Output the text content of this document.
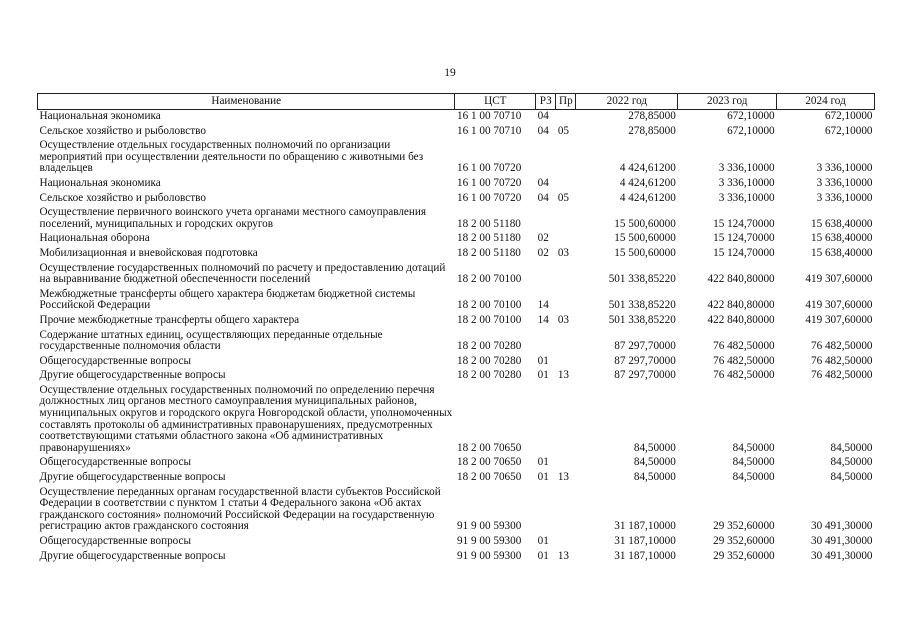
19
Наименование	ЦСТ	РЗ	Пр	2022 год	2023 год	2024 год
Национальная экономика	16 1 00 70710	04		278,85000	672,10000	672,10000
Сельское хозяйство и рыболовство	16 1 00 70710	04	05	278,85000	672,10000	672,10000
Осуществление отдельных государственных полномочий по организации мероприятий при осуществлении деятельности по обращению с животными без владельцев	16 1 00 70720			4 424,61200	3 336,10000	3 336,10000
Национальная экономика	16 1 00 70720	04		4 424,61200	3 336,10000	3 336,10000
Сельское хозяйство и рыболовство	16 1 00 70720	04	05	4 424,61200	3 336,10000	3 336,10000
Осуществление первичного воинского учета органами местного самоуправления поселений, муниципальных и городских округов	18 2 00 51180			15 500,60000	15 124,70000	15 638,40000
Национальная оборона	18 2 00 51180	02		15 500,60000	15 124,70000	15 638,40000
Мобилизационная и вневойсковая подготовка	18 2 00 51180	02	03	15 500,60000	15 124,70000	15 638,40000
Осуществление государственных полномочий по расчету и предоставлению дотаций на выравнивание бюджетной обеспеченности поселений	18 2 00 70100			501 338,85220	422 840,80000	419 307,60000
Межбюджетные трансферты общего характера бюджетам бюджетной системы Российской Федерации	18 2 00 70100	14		501 338,85220	422 840,80000	419 307,60000
Прочие межбюджетные трансферты общего характера	18 2 00 70100	14	03	501 338,85220	422 840,80000	419 307,60000
Содержание штатных единиц, осуществляющих переданные отдельные государственные полномочия области	18 2 00 70280			87 297,70000	76 482,50000	76 482,50000
Общегосударственные вопросы	18 2 00 70280	01		87 297,70000	76 482,50000	76 482,50000
Другие общегосударственные вопросы	18 2 00 70280	01	13	87 297,70000	76 482,50000	76 482,50000
Осуществление отдельных государственных полномочий по определению перечня должностных лиц органов местного самоуправления муниципальных районов, муниципальных округов и городского округа Новгородской области, уполномоченных составлять протоколы об административных правонарушениях, предусмотренных соответствующими статьями областного закона «Об административных правонарушениях»	18 2 00 70650			84,50000	84,50000	84,50000
Общегосударственные вопросы	18 2 00 70650	01		84,50000	84,50000	84,50000
Другие общегосударственные вопросы	18 2 00 70650	01	13	84,50000	84,50000	84,50000
Осуществление переданных органам государственной власти субъектов Российской Федерации в соответствии с пунктом 1 статьи 4 Федерального закона «Об актах гражданского состояния» полномочий Российской Федерации на государственную регистрацию актов гражданского состояния	91 9 00 59300			31 187,10000	29 352,60000	30 491,30000
Общегосударственные вопросы	91 9 00 59300	01		31 187,10000	29 352,60000	30 491,30000
Другие общегосударственные вопросы	91 9 00 59300	01	13	31 187,10000	29 352,60000	30 491,30000
